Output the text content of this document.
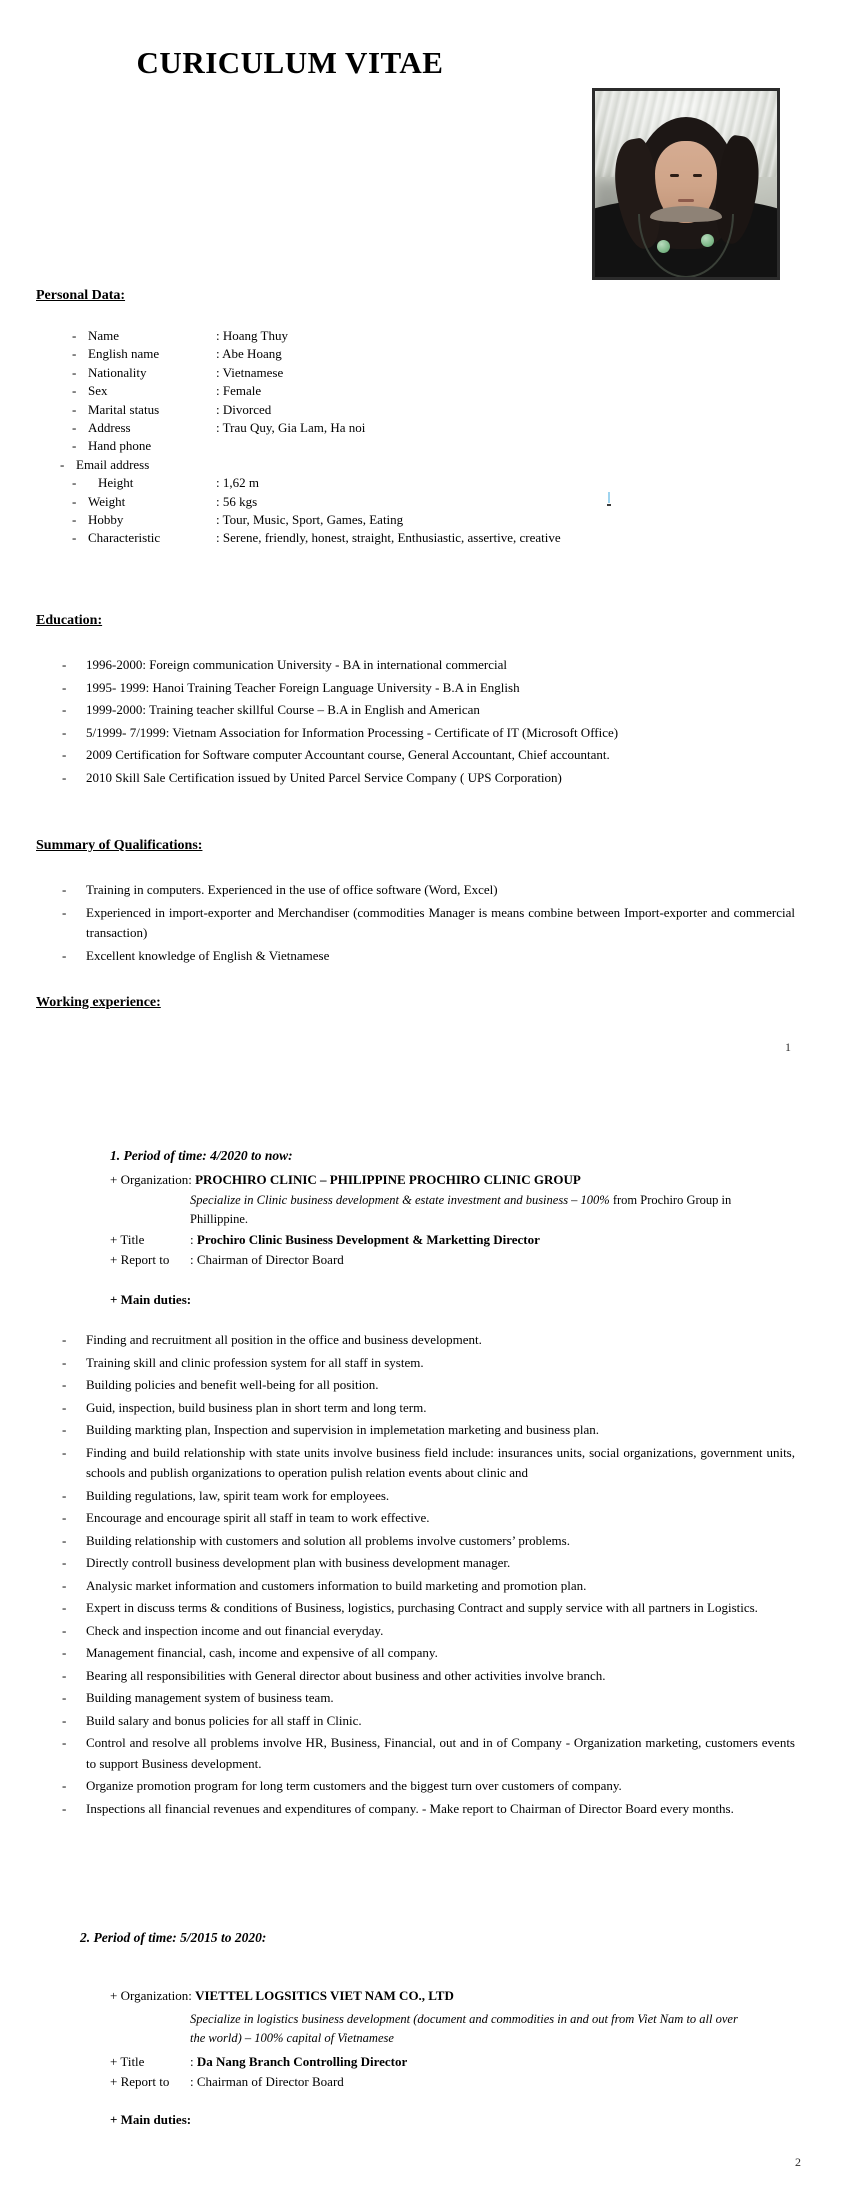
CURICULUM VITAE
Personal Data:
-	Name	: Hoang Thuy
-	English name	: Abe Hoang
-	Nationality	: Vietnamese
-	Sex	: Female
-	Marital status	: Divorced
-	Address	: Trau Quy, Gia Lam, Ha noi
-	Hand phone	
-	Email address	
-	Height	: 1,62 m
-	Weight	: 56 kgs
-	Hobby	: Tour, Music, Sport, Games, Eating
-	Characteristic	: Serene, friendly, honest, straight, Enthusiastic, assertive, creative
Education:
- 1996-2000: Foreign communication University - BA in international commercial
- 1995- 1999: Hanoi Training Teacher Foreign Language University - B.A in English
- 1999-2000: Training teacher skillful Course – B.A in English and American
- 5/1999- 7/1999: Vietnam Association for Information Processing - Certificate of IT (Microsoft Office)
- 2009 Certification for Software computer Accountant course, General Accountant, Chief accountant.
- 2010 Skill Sale Certification issued by United Parcel Service Company ( UPS Corporation)
Summary of Qualifications:
- Training in computers. Experienced in the use of office software (Word, Excel)
- Experienced in import-exporter and Merchandiser (commodities Manager is means combine between Import-exporter and commercial transaction)
- Excellent knowledge of English & Vietnamese
Working experience:
1
1. Period of time: 4/2020 to now:
+ Organization: PROCHIRO CLINIC – PHILIPPINE PROCHIRO CLINIC GROUP
Specialize in Clinic business development & estate investment and business – 100% from Prochiro Group in Phillippine.
+ Title	: Prochiro Clinic Business Development & Marketting Director
+ Report to : Chairman of Director Board
+ Main duties:
- Finding and recruitment all position in the office and business development.
- Training skill and clinic profession system for all staff in system.
- Building policies and benefit well-being for all position.
- Guid, inspection, build business plan in short term and long term.
- Building markting plan, Inspection and supervision in implemetation marketing and business plan.
- Finding and build relationship with state units involve business field include: insurances units, social organizations, government units, schools and publish organizations to operation pulish relation events about clinic and
- Building regulations, law, spirit team work for employees.
- Encourage and encourage spirit all staff in team to work effective.
- Building relationship with customers and solution all problems involve customers’ problems.
- Directly controll business development plan with business development manager.
- Analysic market information and customers information to build marketing and promotion plan.
- Expert in discuss terms & conditions of Business, logistics, purchasing Contract and supply service with all partners in Logistics.
- Check and inspection income and out financial everyday.
- Management financial, cash, income and expensive of all company.
- Bearing all responsibilities with General director about business and other activities involve branch.
- Building management system of business team.
- Build salary and bonus policies for all staff in Clinic.
- Control and resolve all problems involve HR, Business, Financial, out and in of Company - Organization marketing, customers events to support Business development.
- Organize promotion program for long term customers and the biggest turn over customers of company.
- Inspections all financial revenues and expenditures of company. - Make report to Chairman of Director Board every months.
2. Period of time: 5/2015 to 2020:
+ Organization: VIETTEL LOGSITICS VIET NAM CO., LTD
Specialize in logistics business development (document and commodities in and out from Viet Nam to all over the world) – 100% capital of Vietnamese
+ Title	: Da Nang Branch Controlling Director
+ Report to : Chairman of Director Board
+ Main duties:
2
